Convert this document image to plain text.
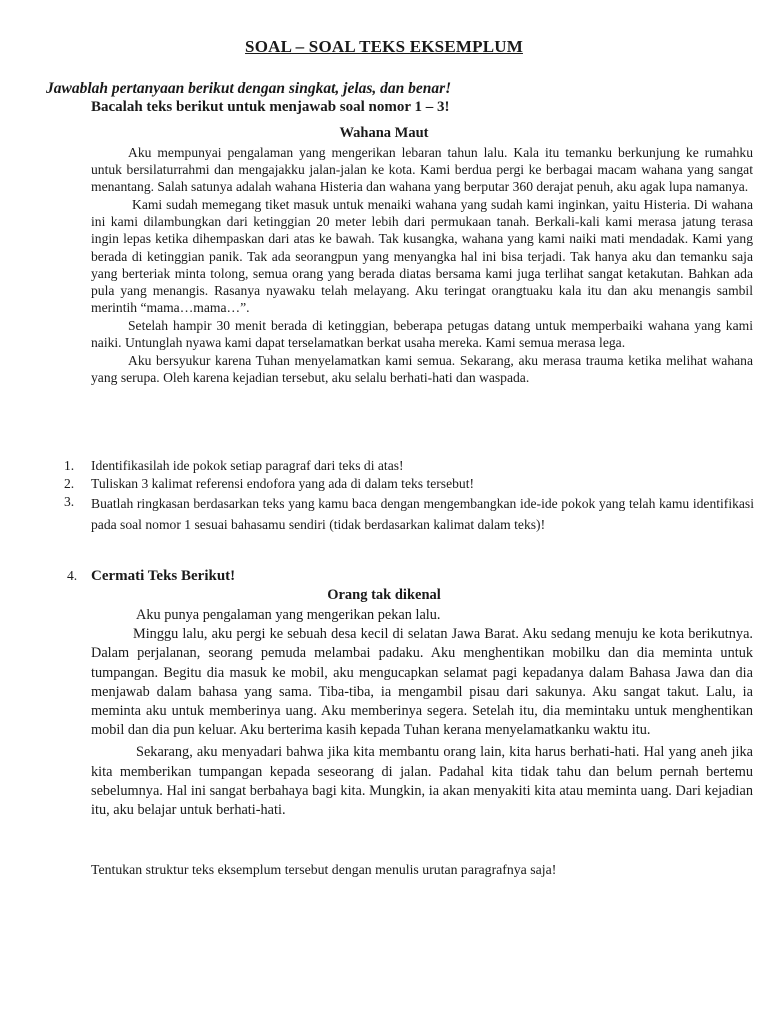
SOAL – SOAL TEKS EKSEMPLUM
Jawablah pertanyaan berikut dengan singkat, jelas, dan benar!
Bacalah teks berikut untuk menjawab soal nomor 1 – 3!
Wahana Maut

Aku mempunyai pengalaman yang mengerikan lebaran tahun lalu. Kala itu temanku berkunjung ke rumahku untuk bersilaturrahmi dan mengajakku jalan-jalan ke kota. Kami berdua pergi ke berbagai macam wahana yang sangat menantang. Salah satunya adalah wahana Histeria dan wahana yang berputar 360 derajat penuh, aku agak lupa namanya.

Kami sudah memegang tiket masuk untuk menaiki wahana yang sudah kami inginkan, yaitu Histeria. Di wahana ini kami dilambungkan dari ketinggian 20 meter lebih dari permukaan tanah. Berkali-kali kami merasa jatung terasa ingin lepas ketika dihempaskan dari atas ke bawah. Tak kusangka, wahana yang kami naiki mati mendadak. Kami yang berada di ketinggian panik. Tak ada seorangpun yang menyangka hal ini bisa terjadi. Tak hanya aku dan temanku saja yang berteriak minta tolong, semua orang yang berada diatas bersama kami juga terlihat sangat ketakutan. Bahkan ada pula yang menangis. Rasanya nyawaku telah melayang. Aku teringat orangtuaku kala itu dan aku menangis sambil merintih “mama…mama…”.

Setelah hampir 30 menit berada di ketinggian, beberapa petugas datang untuk memperbaiki wahana yang kami naiki. Untunglah nyawa kami dapat terselamatkan berkat usaha mereka. Kami semua merasa lega.

Aku bersyukur karena Tuhan menyelamatkan kami semua. Sekarang, aku merasa trauma ketika melihat wahana yang serupa. Oleh karena kejadian tersebut, aku selalu berhati-hati dan waspada.

1.	Identifikasilah ide pokok setiap paragraf dari teks di atas!
2.	Tuliskan 3 kalimat referensi endofora yang ada di dalam teks tersebut!
3.	Buatlah ringkasan berdasarkan teks yang kamu baca dengan mengembangkan ide-ide pokok yang telah kamu identifikasi pada soal nomor 1 sesuai bahasamu sendiri (tidak berdasarkan kalimat dalam teks)!
4. Cermati Teks Berikut!
Orang tak dikenal

Aku punya pengalaman yang mengerikan pekan lalu.

Minggu lalu, aku pergi ke sebuah desa kecil di selatan Jawa Barat. Aku sedang menuju ke kota berikutnya. Dalam perjalanan, seorang pemuda melambai padaku. Aku menghentikan mobilku dan dia meminta untuk tumpangan. Begitu dia masuk ke mobil, aku mengucapkan selamat pagi kepadanya dalam Bahasa Jawa dan dia menjawab dalam bahasa yang sama. Tiba-tiba, ia mengambil pisau dari sakunya. Aku sangat takut. Lalu, ia meminta aku untuk memberinya uang. Aku memberinya segera. Setelah itu, dia memintaku untuk menghentikan mobil dan dia pun keluar. Aku berterima kasih kepada Tuhan kerana menyelamatkanku waktu itu.

Sekarang, aku menyadari bahwa jika kita membantu orang lain, kita harus berhati-hati. Hal yang aneh jika kita memberikan tumpangan kepada seseorang di jalan. Padahal kita tidak tahu dan belum pernah bertemu sebelumnya. Hal ini sangat berbahaya bagi kita. Mungkin, ia akan menyakiti kita atau meminta uang. Dari kejadian itu, aku belajar untuk berhati-hati.

Tentukan struktur teks eksemplum tersebut dengan menulis urutan paragrafnya saja!
